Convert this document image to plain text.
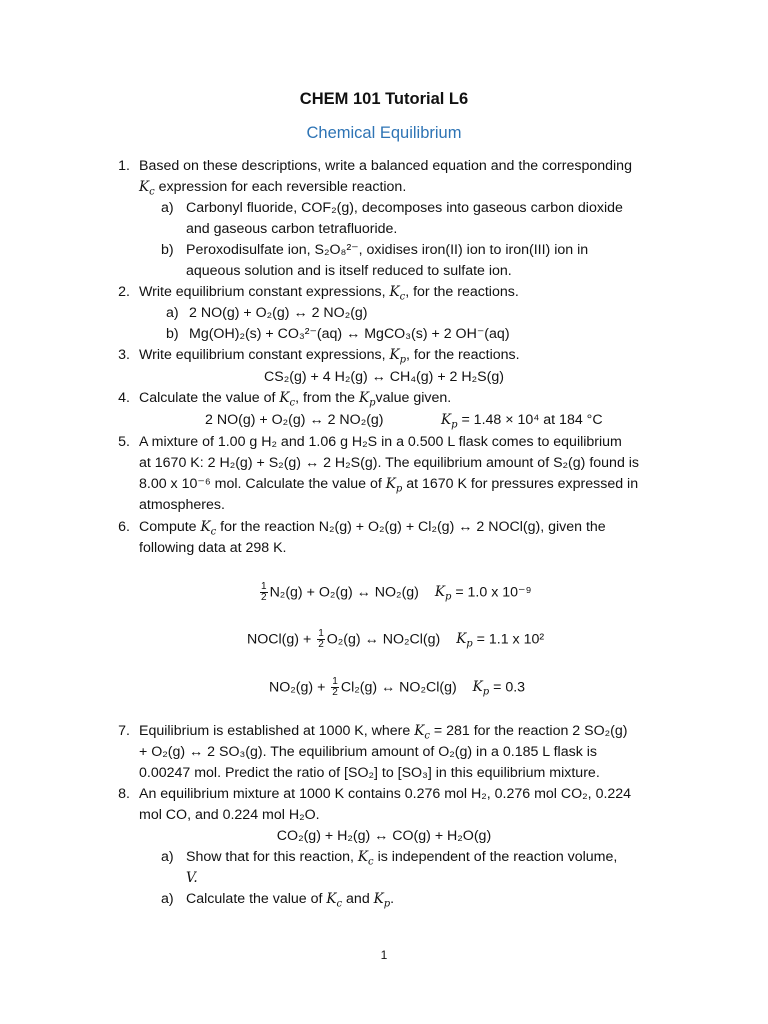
CHEM 101 Tutorial L6
Chemical Equilibrium
1. Based on these descriptions, write a balanced equation and the corresponding
$K_c$ expression for each reversible reaction.
a) Carbonyl fluoride, COF₂(g), decomposes into gaseous carbon dioxide
and gaseous carbon tetrafluoride.
b) Peroxodisulfate ion, S₂O₈²⁻, oxidises iron(II) ion to iron(III) ion in
aqueous solution and is itself reduced to sulfate ion.
2. Write equilibrium constant expressions, $K_c$, for the reactions.
a) 2 NO(g) + O₂(g) ↔ 2 NO₂(g)
b) Mg(OH)₂(s) + CO₃²⁻(aq) ↔ MgCO₃(s) + 2 OH⁻(aq)
3. Write equilibrium constant expressions, $K_p$, for the reactions.
CS₂(g) + 4 H₂(g) ↔ CH₄(g) + 2 H₂S(g)
4. Calculate the value of $K_c$, from the $K_pvalue$ given.
2 NO(g) + O₂(g) ↔ 2 NO₂(g)	$K_p = 1.48 \times 10^4$ at 184 °C
5. A mixture of 1.00 g H₂ and 1.06 g H₂S in a 0.500 L flask comes to equilibrium
at 1670 K: 2 H₂(g) + S₂(g) ↔ 2 H₂S(g). The equilibrium amount of S₂(g) found is
8.00 x 10⁻⁶ mol. Calculate the value of $K_p$ at 1670 K for pressures expressed in
atmospheres.
6. Compute $K_c$ for the reaction N₂(g) + O₂(g) + Cl₂(g) ↔ 2 NOCl(g), given the
following data at 298 K.
$\frac{1}{2} N_2(g) + O_2(g)$ ↔ NO₂(g) $K_p = 1.0$ x 10⁻⁹
NOCl(g) + $\frac{1}{2} O_2(g)$ ↔ NO₂Cl(g) $K_p = 1.1$ x 10²
$NO_2(g) + \frac{1}{2} Cl_2(g)$ ↔ NO₂Cl(g) $K_p = 0.3$
7. Equilibrium is established at 1000 K, where $K_c = 281$ for the reaction 2 SO₂(g)
+ O₂(g) ↔ 2 SO₃(g). The equilibrium amount of O₂(g) in a 0.185 L flask is
0.00247 mol. Predict the ratio of [SO₂] to [SO₃] in this equilibrium mixture.
8. An equilibrium mixture at 1000 K contains 0.276 mol H₂, 0.276 mol CO₂, 0.224
mol CO, and 0.224 mol H₂O.
CO₂(g) + H₂(g) ↔ CO(g) + H₂O(g)
a) Show that for this reaction, $K_c$ is independent of the reaction volume,
V.
a) Calculate the value of $K_c$ and $K_p$.
1
